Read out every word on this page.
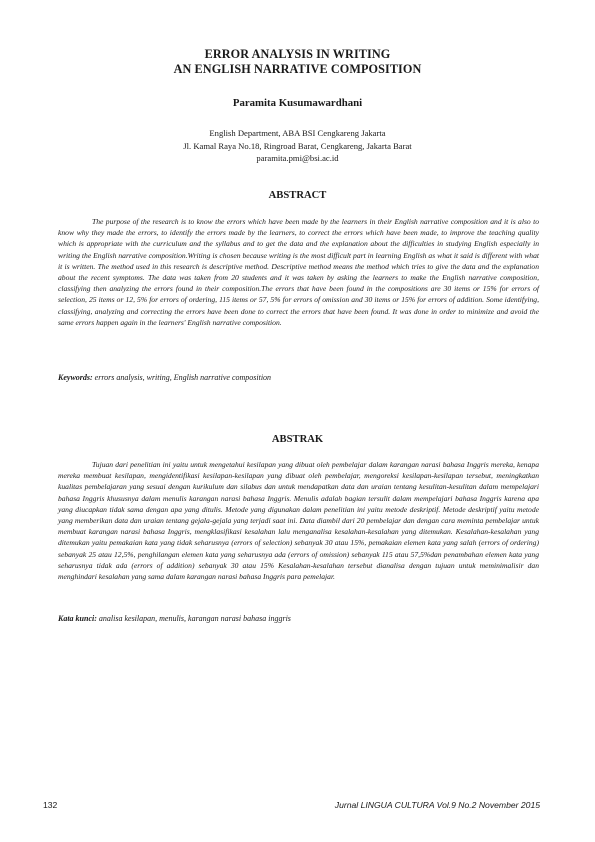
ERROR ANALYSIS IN WRITING
AN ENGLISH NARRATIVE COMPOSITION
Paramita Kusumawardhani
English Department, ABA BSI Cengkareng Jakarta
Jl. Kamal Raya No.18, Ringroad Barat, Cengkareng, Jakarta Barat
paramita.pmi@bsi.ac.id
ABSTRACT
The purpose of the research is to know the errors which have been made by the learners in their English narrative composition and it is also to know why they made the errors, to identify the errors made by the learners, to correct the errors which have been made, to improve the teaching quality which is appropriate with the curriculum and the syllabus and to get the data and the explanation about the difficulties in studying English especially in writing the English narrative composition.Writing is chosen because writing is the most difficult part in learning English as what it said is different with what it is written. The method used in this research is descriptive method. Descriptive method means the method which tries to give the data and the explanation about the recent symptoms. The data was taken from 20 students and it was taken by asking the learners to make the English narrative composition, classifying then analyzing the errors found in their composition.The errors that have been found in the compositions are 30 items or 15% for errors of selection, 25 items or 12, 5% for errors of ordering, 115 items or 57, 5% for errors of omission and 30 items or 15% for errors of addition. Some identifying, classifying, analyzing and correcting the errors have been done to correct the errors that have been found. It was done in order to minimize and avoid the same errors happen again in the learners' English narrative composition.
Keywords: errors analysis, writing, English narrative composition
ABSTRAK
Tujuan dari penelitian ini yaitu untuk mengetahui kesilapan yang dibuat oleh pembelajar dalam karangan narasi bahasa Inggris mereka, kenapa mereka membuat kesilapan, mengidentifikasi kesilapan-kesilapan yang dibuat oleh pembelajar, mengoreksi kesilapan-kesilapan tersebut, meningkatkan kualitas pembelajaran yang sesuai dengan kurikulum dan silabus dan untuk mendapatkan data dan uraian tentang kesulitan-kesulitan dalam mempelajari bahasa Inggris khususnya dalam menulis karangan narasi bahasa Inggris. Menulis adalah bagian tersulit dalam mempelajari bahasa Inggris karena apa yang diucapkan tidak sama dengan apa yang ditulis. Metode yang digunakan dalam penelitian ini yaitu metode deskriptif. Metode deskriptif yaitu metode yang memberikan data dan uraian tentang gejala-gejala yang terjadi saat ini. Data diambil dari 20 pembelajar dan dengan cara meminta pembelajar untuk membuat karangan narasi bahasa Inggris, mengklasifikasi kesalahan lalu menganalisa kesalahan-kesalahan yang ditemukan. Kesalahan-kesalahan yang ditemukan yaitu pemakaian kata yang tidak seharusnya (errors of selection) sebanyak 30 atau 15%, pemakaian elemen kata yang salah (errors of ordering) sebanyak 25 atau 12,5%, penghilangan elemen kata yang seharusnya ada (errors of omission) sebanyak 115 atau 57,5%dan penambahan elemen kata yang seharusnya tidak ada (errors of addition) sebanyak 30 atau 15% Kesalahan-kesalahan tersebut dianalisa dengan tujuan untuk meminimalisir dan menghindari kesalahan yang sama dalam karangan narasi bahasa Inggris para pemelajar.
Kata kunci: analisa kesilapan, menulis, karangan narasi bahasa inggris
132	Jurnal LINGUA CULTURA Vol.9 No.2 November 2015
